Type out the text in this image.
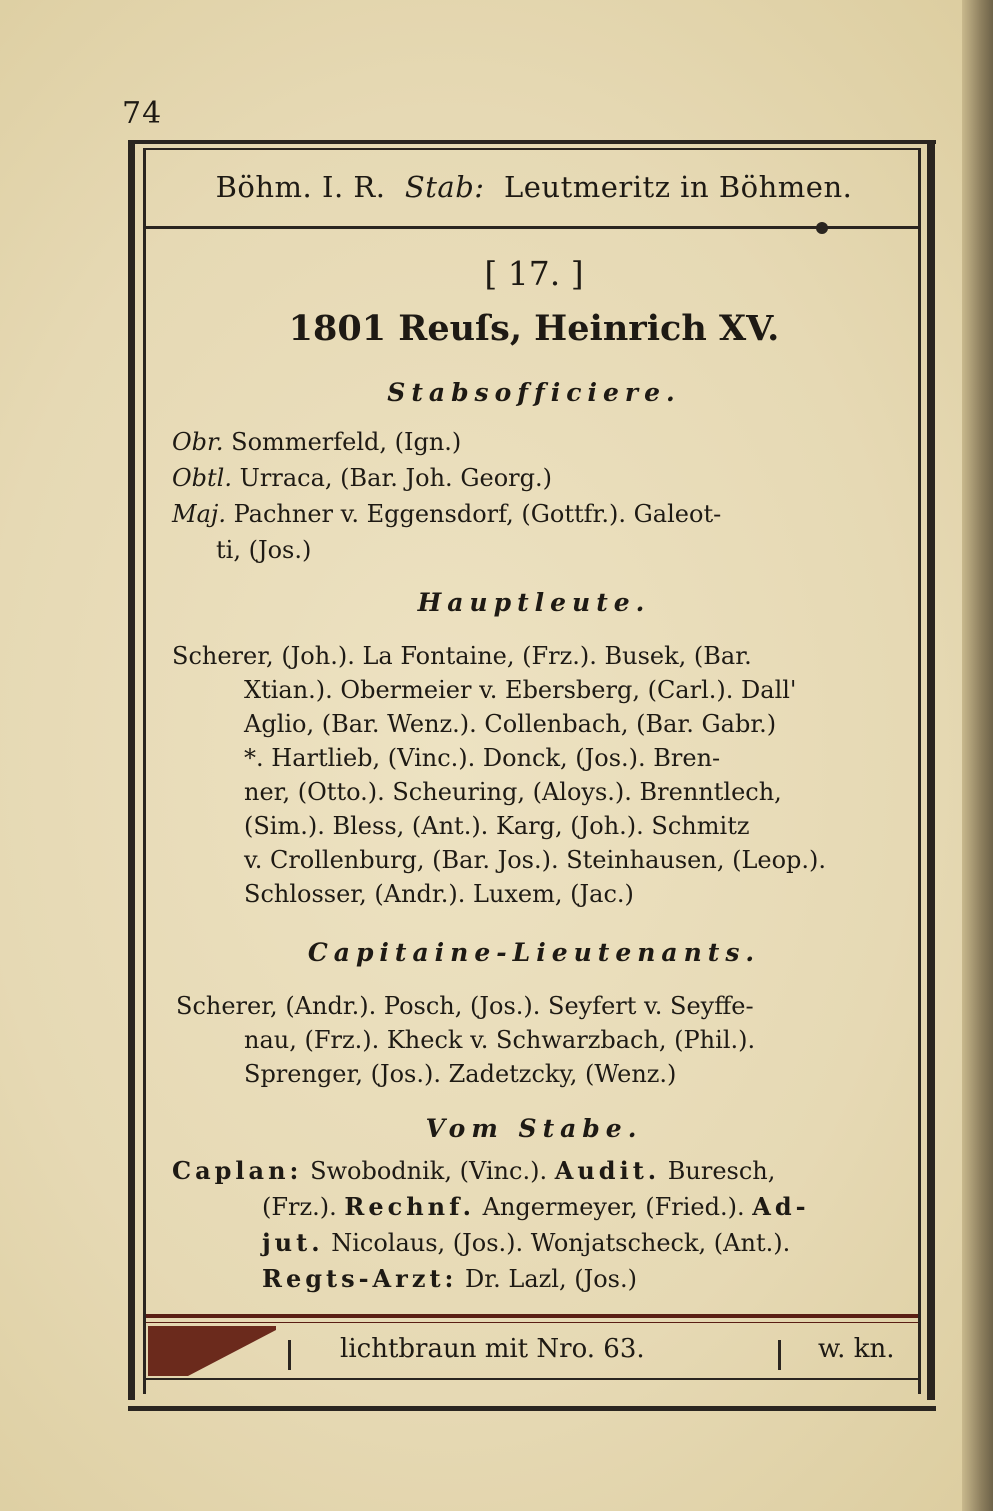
74
Böhm. I. R. Stab: Leutmeritz in Böhmen.
[ 17. ]
1801 Reuſs, Heinrich XV.
Stabsofficiere.
Obr. Sommerfeld, (Ign.)
Obtl. Urraca, (Bar. Joh. Georg.)
Maj. Pachner v. Eggensdorf, (Gottfr.). Galeot-
ti, (Jos.)
Hauptleute.
Scherer, (Joh.). La Fontaine, (Frz.). Busek, (Bar.
Xtian.). Obermeier v. Ebersberg, (Carl.). Dall'
Aglio, (Bar. Wenz.). Collenbach, (Bar. Gabr.)
*. Hartlieb, (Vinc.). Donck, (Jos.). Bren-
ner, (Otto.). Scheuring, (Aloys.). Brenntlech,
(Sim.). Bless, (Ant.). Karg, (Joh.). Schmitz
v. Crollenburg, (Bar. Jos.). Steinhausen, (Leop.).
Schlosser, (Andr.). Luxem, (Jac.)
Capitaine-Lieutenants.
Scherer, (Andr.). Posch, (Jos.). Seyfert v. Seyffe-
nau, (Frz.). Kheck v. Schwarzbach, (Phil.).
Sprenger, (Jos.). Zadetzcky, (Wenz.)
Vom Stabe.
Caplan: Swobodnik, (Vinc.). Audit. Buresch,
(Frz.). Rechnf. Angermeyer, (Fried.). Ad-
jut. Nicolaus, (Jos.). Wonjatscheck, (Ant.).
Regts-Arzt: Dr. Lazl, (Jos.)
lichtbraun mit Nro. 63.	w. kn.
